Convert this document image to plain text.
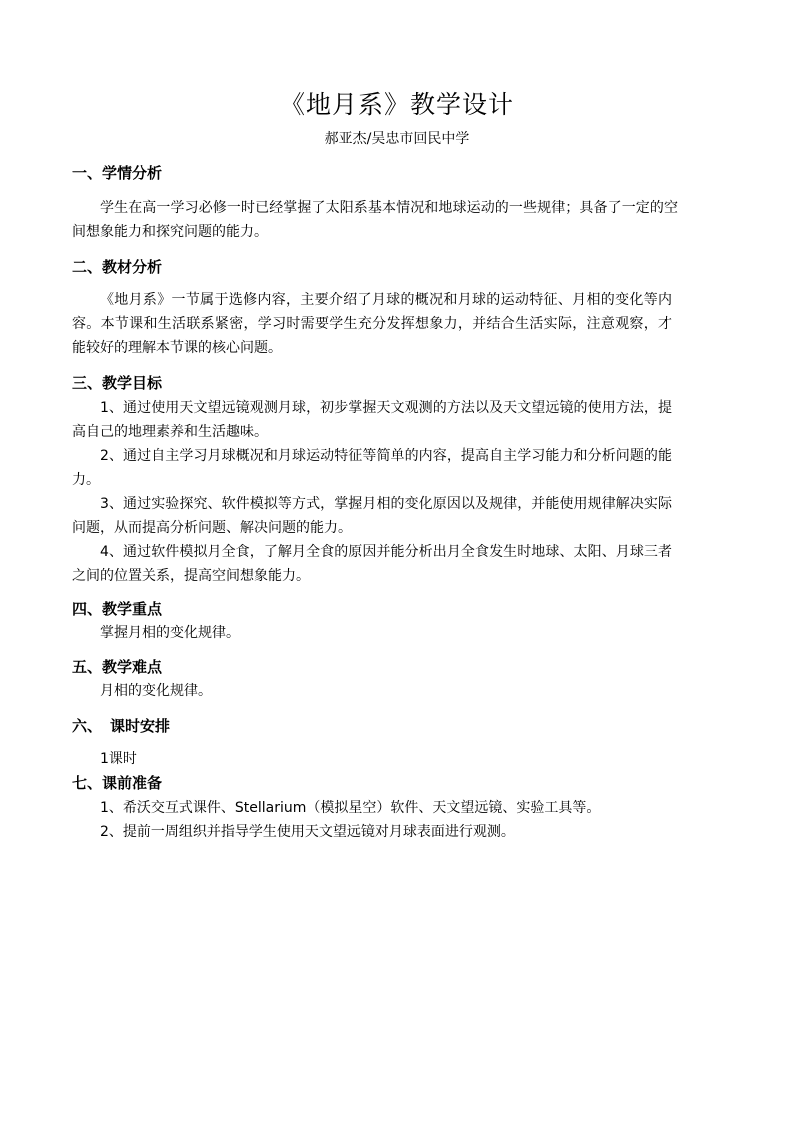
《地月系》教学设计
郝亚杰/吴忠市回民中学
一、学情分析

学生在高一学习必修一时已经掌握了太阳系基本情况和地球运动的一些规律；具备了一定的空间想象能力和探究问题的能力。

二、教材分析

《地月系》一节属于选修内容，主要介绍了月球的概况和月球的运动特征、月相的变化等内容。本节课和生活联系紧密，学习时需要学生充分发挥想象力，并结合生活实际，注意观察，才能较好的理解本节课的核心问题。

三、教学目标

1、通过使用天文望远镜观测月球，初步掌握天文观测的方法以及天文望远镜的使用方法，提高自己的地理素养和生活趣味。

2、通过自主学习月球概况和月球运动特征等简单的内容，提高自主学习能力和分析问题的能力。

3、通过实验探究、软件模拟等方式，掌握月相的变化原因以及规律，并能使用规律解决实际问题，从而提高分析问题、解决问题的能力。

4、通过软件模拟月全食，了解月全食的原因并能分析出月全食发生时地球、太阳、月球三者之间的位置关系，提高空间想象能力。

四、教学重点
掌握月相的变化规律。
五、教学难点
月相的变化规律。
六、 课时安排
1课时
七、课前准备
1、希沃交互式课件、Stellarium（模拟星空）软件、天文望远镜、实验工具等。
2、提前一周组织并指导学生使用天文望远镜对月球表面进行观测。
